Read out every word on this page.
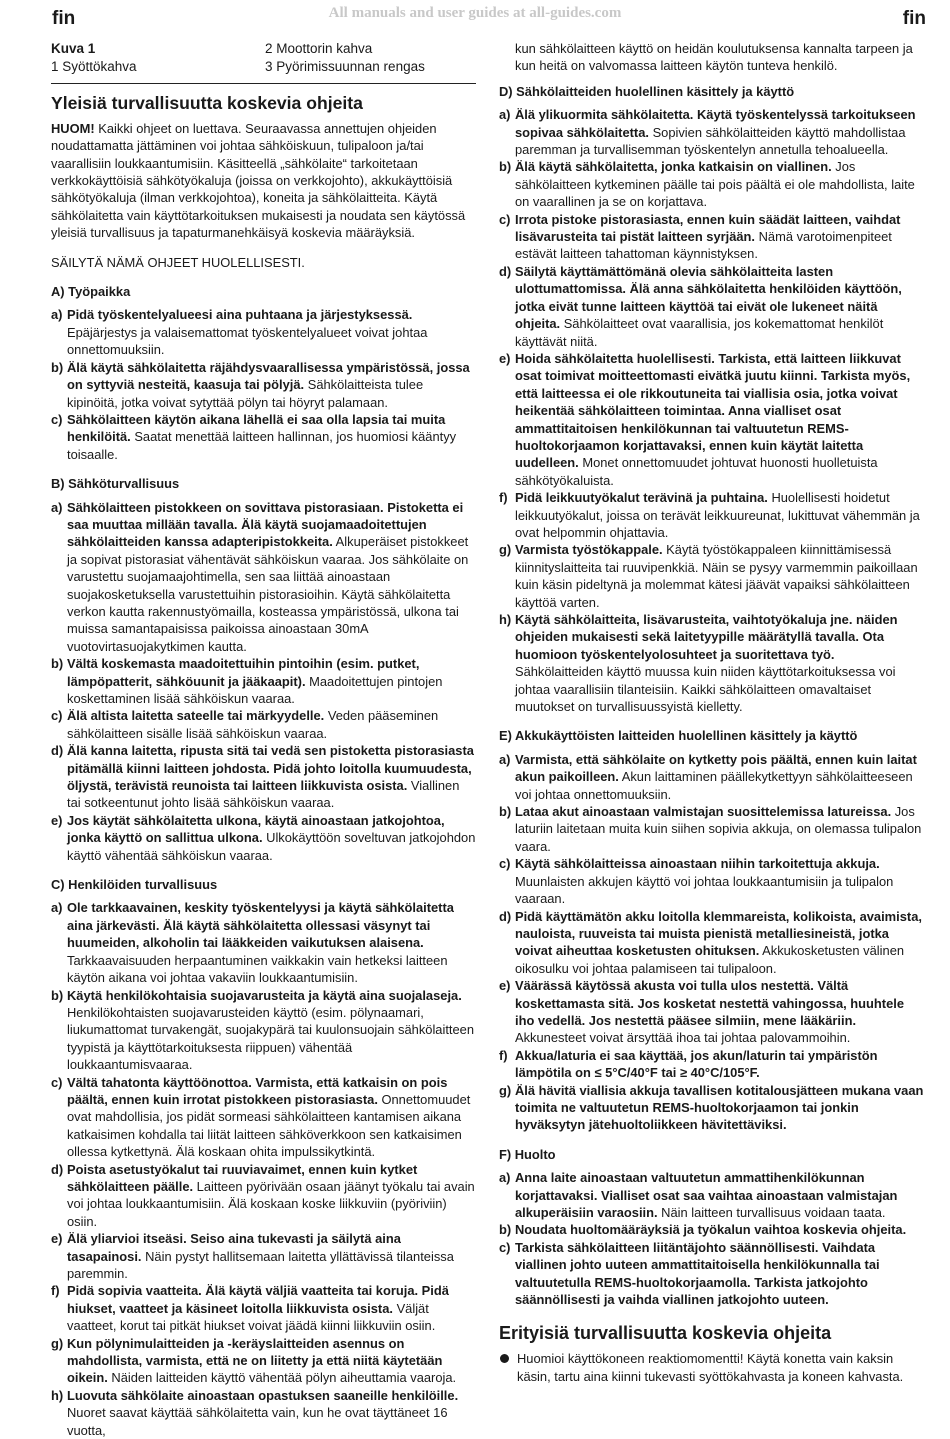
fin	All manuals and user guides at all-guides.com	fin
Kuva 1	2 Moottorin kahva
1 Syöttökahva	3 Pyörimissuunnan rengas
Yleisiä turvallisuutta koskevia ohjeita

HUOM! Kaikki ohjeet on luettava. Seuraavassa annettujen ohjeiden noudattamatta jättäminen voi johtaa sähköiskuun, tulipaloon ja/tai vaarallisiin loukkaantumisiin. Käsitteellä „sähkölaite“ tarkoitetaan verkkokäyttöisiä sähkötyökaluja (joissa on verkkojohto), akkukäyttöisiä sähkötyökaluja (ilman verkkojohtoa), koneita ja sähkölaitteita. Käytä sähkölaitetta vain käyttötarkoituksen mukaisesti ja noudata sen käytössä yleisiä turvallisuus ja tapaturmanehkäisyä koskevia määräyksiä.

SÄILYTÄ NÄMÄ OHJEET HUOLELLISESTI.

A) Työpaikka
a) Pidä työskentelyalueesi aina puhtaana ja järjestyksessä. Epäjärjestys ja valaisemattomat työskentelyalueet voivat johtaa onnettomuuksiin.
b) Älä käytä sähkölaitetta räjähdysvaarallisessa ympäristössä, jossa on syttyviä nesteitä, kaasuja tai pölyjä. Sähkölaitteista tulee kipinöitä, jotka voivat sytyttää pölyn tai höyryt palamaan.
c) Sähkölaitteen käytön aikana lähellä ei saa olla lapsia tai muita henkilöitä. Saatat menettää laitteen hallinnan, jos huomiosi kääntyy toisaalle.
B) Sähköturvallisuus
a) Sähkölaitteen pistokkeen on sovittava pistorasiaan. Pistoketta ei saa muuttaa millään tavalla. Älä käytä suojamaadoitettujen sähkölaitteiden kanssa adapteripistokkeita. Alkuperäiset pistokkeet ja sopivat pistorasiat vähentävät sähköiskun vaaraa. Jos sähkölaite on varustettu suojamaajohtimella, sen saa liittää ainoastaan suojakosketuksella varustettuihin pistorasioihin. Käytä sähkölaitetta verkon kautta rakennustyömailla, kosteassa ympäristössä, ulkona tai muissa samantapaisissa paikoissa ainoastaan 30mA vuotovirtasuojakytkimen kautta.
b) Vältä koskemasta maadoitettuihin pintoihin (esim. putket, lämpöpatterit, sähköuunit ja jääkaapit). Maadoitettujen pintojen koskettaminen lisää sähköiskun vaaraa.
c) Älä altista laitetta sateelle tai märkyydelle. Veden pääseminen sähkölaitteen sisälle lisää sähköiskun vaaraa.
d) Älä kanna laitetta, ripusta sitä tai vedä sen pistoketta pistorasiasta pitämällä kiinni laitteen johdosta. Pidä johto loitolla kuumuudesta, öljystä, terävistä reunoista tai laitteen liikkuvista osista. Viallinen tai sotkeentunut johto lisää sähköiskun vaaraa.
e) Jos käytät sähkölaitetta ulkona, käytä ainoastaan jatkojohtoa, jonka käyttö on sallittua ulkona. Ulkokäyttöön soveltuvan jatkojohdon käyttö vähentää sähköiskun vaaraa.
C) Henkilöiden turvallisuus
a) Ole tarkkaavainen, keskity työskentelyysi ja käytä sähkölaitetta aina järkevästi. Älä käytä sähkölaitetta ollessasi väsynyt tai huumeiden, alkoholin tai lääkkeiden vaikutuksen alaisena. Tarkkaavaisuuden herpaantuminen vaikkakin vain hetkeksi laitteen käytön aikana voi johtaa vakaviin loukkaantumisiin.
b) Käytä henkilökohtaisia suojavarusteita ja käytä aina suojalaseja. Henkilökohtaisten suojavarusteiden käyttö (esim. pölynaamari, liukumattomat turvakengät, suojakypärä tai kuulonsuojain sähkölaitteen tyypistä ja käyttötarkoituksesta riippuen) vähentää loukkaantumisvaaraa.
c) Vältä tahatonta käyttöönottoa. Varmista, että katkaisin on pois päältä, ennen kuin irrotat pistokkeen pistorasiasta. Onnettomuudet ovat mahdollisia, jos pidät sormeasi sähkölaitteen kantamisen aikana katkaisimen kohdalla tai liität laitteen sähköverkkoon sen katkaisimen ollessa kytkettynä. Älä koskaan ohita impulssikytkintä.
d) Poista asetustyökalut tai ruuviavaimet, ennen kuin kytket sähkölaitteen päälle. Laitteen pyörivään osaan jäänyt työkalu tai avain voi johtaa loukkaantumisiin. Älä koskaan koske liikkuviin (pyöriviin) osiin.
e) Älä yliarvioi itseäsi. Seiso aina tukevasti ja säilytä aina tasapainosi. Näin pystyt hallitsemaan laitetta yllättävissä tilanteissa paremmin.
f) Pidä sopivia vaatteita. Älä käytä väljiä vaatteita tai koruja. Pidä hiukset, vaatteet ja käsineet loitolla liikkuvista osista. Väljät vaatteet, korut tai pitkät hiukset voivat jäädä kiinni liikkuviin osiin.
g) Kun pölynimulaitteiden ja -keräyslaitteiden asennus on mahdollista, varmista, että ne on liitetty ja että niitä käytetään oikein. Näiden laitteiden käyttö vähentää pölyn aiheuttamia vaaroja.
h) Luovuta sähkölaite ainoastaan opastuksen saaneille henkilöille. Nuoret saavat käyttää sähkölaitetta vain, kun he ovat täyttäneet 16 vuotta,

kun sähkölaitteen käyttö on heidän koulutuksensa kannalta tarpeen ja kun heitä on valvomassa laitteen käytön tunteva henkilö.

D) Sähkölaitteiden huolellinen käsittely ja käyttö
a) Älä ylikuormita sähkölaitetta. Käytä työskentelyssä tarkoitukseen sopivaa sähkölaitetta. Sopivien sähkölaitteiden käyttö mahdollistaa paremman ja turvallisemman työskentelyn annetulla tehoalueella.
b) Älä käytä sähkölaitetta, jonka katkaisin on viallinen. Jos sähkölaitteen kytkeminen päälle tai pois päältä ei ole mahdollista, laite on vaarallinen ja se on korjattava.
c) Irrota pistoke pistorasiasta, ennen kuin säädät laitteen, vaihdat lisävarusteita tai pistät laitteen syrjään. Nämä varotoimenpiteet estävät laitteen tahattoman käynnistyksen.
d) Säilytä käyttämättömänä olevia sähkölaitteita lasten ulottumattomissa. Älä anna sähkölaitetta henkilöiden käyttöön, jotka eivät tunne laitteen käyttöä tai eivät ole lukeneet näitä ohjeita. Sähkölaitteet ovat vaarallisia, jos kokemattomat henkilöt käyttävät niitä.
e) Hoida sähkölaitetta huolellisesti. Tarkista, että laitteen liikkuvat osat toimivat moitteettomasti eivätkä juutu kiinni. Tarkista myös, että laitteessa ei ole rikkoutuneita tai viallisia osia, jotka voivat heikentää sähkölaitteen toimintaa. Anna vialliset osat ammattitaitoisen henkilökunnan tai valtuutetun REMS-huoltokorjaamon korjattavaksi, ennen kuin käytät laitetta uudelleen. Monet onnettomuudet johtuvat huonosti huolletuista sähkötyökaluista.
f) Pidä leikkuutyökalut terävinä ja puhtaina. Huolellisesti hoidetut leikkuutyökalut, joissa on terävät leikkuureunat, lukittuvat vähemmän ja ovat helpommin ohjattavia.
g) Varmista työstökappale. Käytä työstökappaleen kiinnittämisessä kiinnityslaitteita tai ruuvipenkkiä. Näin se pysyy varmemmin paikoillaan kuin käsin pideltynä ja molemmat kätesi jäävät vapaiksi sähkölaitteen käyttöä varten.
h) Käytä sähkölaitteita, lisävarusteita, vaihtotyökaluja jne. näiden ohjeiden mukaisesti sekä laitetyypille määrätyllä tavalla. Ota huomioon työskentelyolosuhteet ja suoritettava työ. Sähkölaitteiden käyttö muussa kuin niiden käyttötarkoituksessa voi johtaa vaarallisiin tilanteisiin. Kaikki sähkölaitteen omavaltaiset muutokset on turvallisuussyistä kielletty.
E) Akkukäyttöisten laitteiden huolellinen käsittely ja käyttö
a) Varmista, että sähkölaite on kytketty pois päältä, ennen kuin laitat akun paikoilleen. Akun laittaminen päällekytkettyyn sähkölaitteeseen voi johtaa onnettomuuksiin.
b) Lataa akut ainoastaan valmistajan suosittelemissa latureissa. Jos laturiin laitetaan muita kuin siihen sopivia akkuja, on olemassa tulipalon vaara.
c) Käytä sähkölaitteissa ainoastaan niihin tarkoitettuja akkuja. Muunlaisten akkujen käyttö voi johtaa loukkaantumisiin ja tulipalon vaaraan.
d) Pidä käyttämätön akku loitolla klemmareista, kolikoista, avaimista, nauloista, ruuveista tai muista pienistä metalliesineistä, jotka voivat aiheuttaa kosketusten ohituksen. Akkukosketusten välinen oikosulku voi johtaa palamiseen tai tulipaloon.
e) Väärässä käytössä akusta voi tulla ulos nestettä. Vältä koskettamasta sitä. Jos kosketat nestettä vahingossa, huuhtele iho vedellä. Jos nestettä pääsee silmiin, mene lääkäriin. Akkunesteet voivat ärsyttää ihoa tai johtaa palovammoihin.
f) Akkua/laturia ei saa käyttää, jos akun/laturin tai ympäristön lämpötila on ≤ 5°C/40°F tai ≥ 40°C/105°F.
g) Älä hävitä viallisia akkuja tavallisen kotitalousjätteen mukana vaan toimita ne valtuutetun REMS-huoltokorjaamon tai jonkin hyväksytyn jätehuoltoliikkeen hävitettäviksi.
F) Huolto
a) Anna laite ainoastaan valtuutetun ammattihenkilökunnan korjattavaksi. Vialliset osat saa vaihtaa ainoastaan valmistajan alkuperäisiin varaosiin. Näin laitteen turvallisuus voidaan taata.
b) Noudata huoltomääräyksiä ja työkalun vaihtoa koskevia ohjeita.
c) Tarkista sähkölaitteen liitäntäjohto säännöllisesti. Vaihdata viallinen johto uuteen ammattitaitoisella henkilökunnalla tai valtuutetulla REMS-huoltokorjaamolla. Tarkista jatkojohto säännöllisesti ja vaihda viallinen jatkojohto uuteen.
Erityisiä turvallisuutta koskevia ohjeita
Huomioi käyttökoneen reaktiomomentti! Käytä konetta vain kaksin käsin, tartu aina kiinni tukevasti syöttökahvasta ja koneen kahvasta.
